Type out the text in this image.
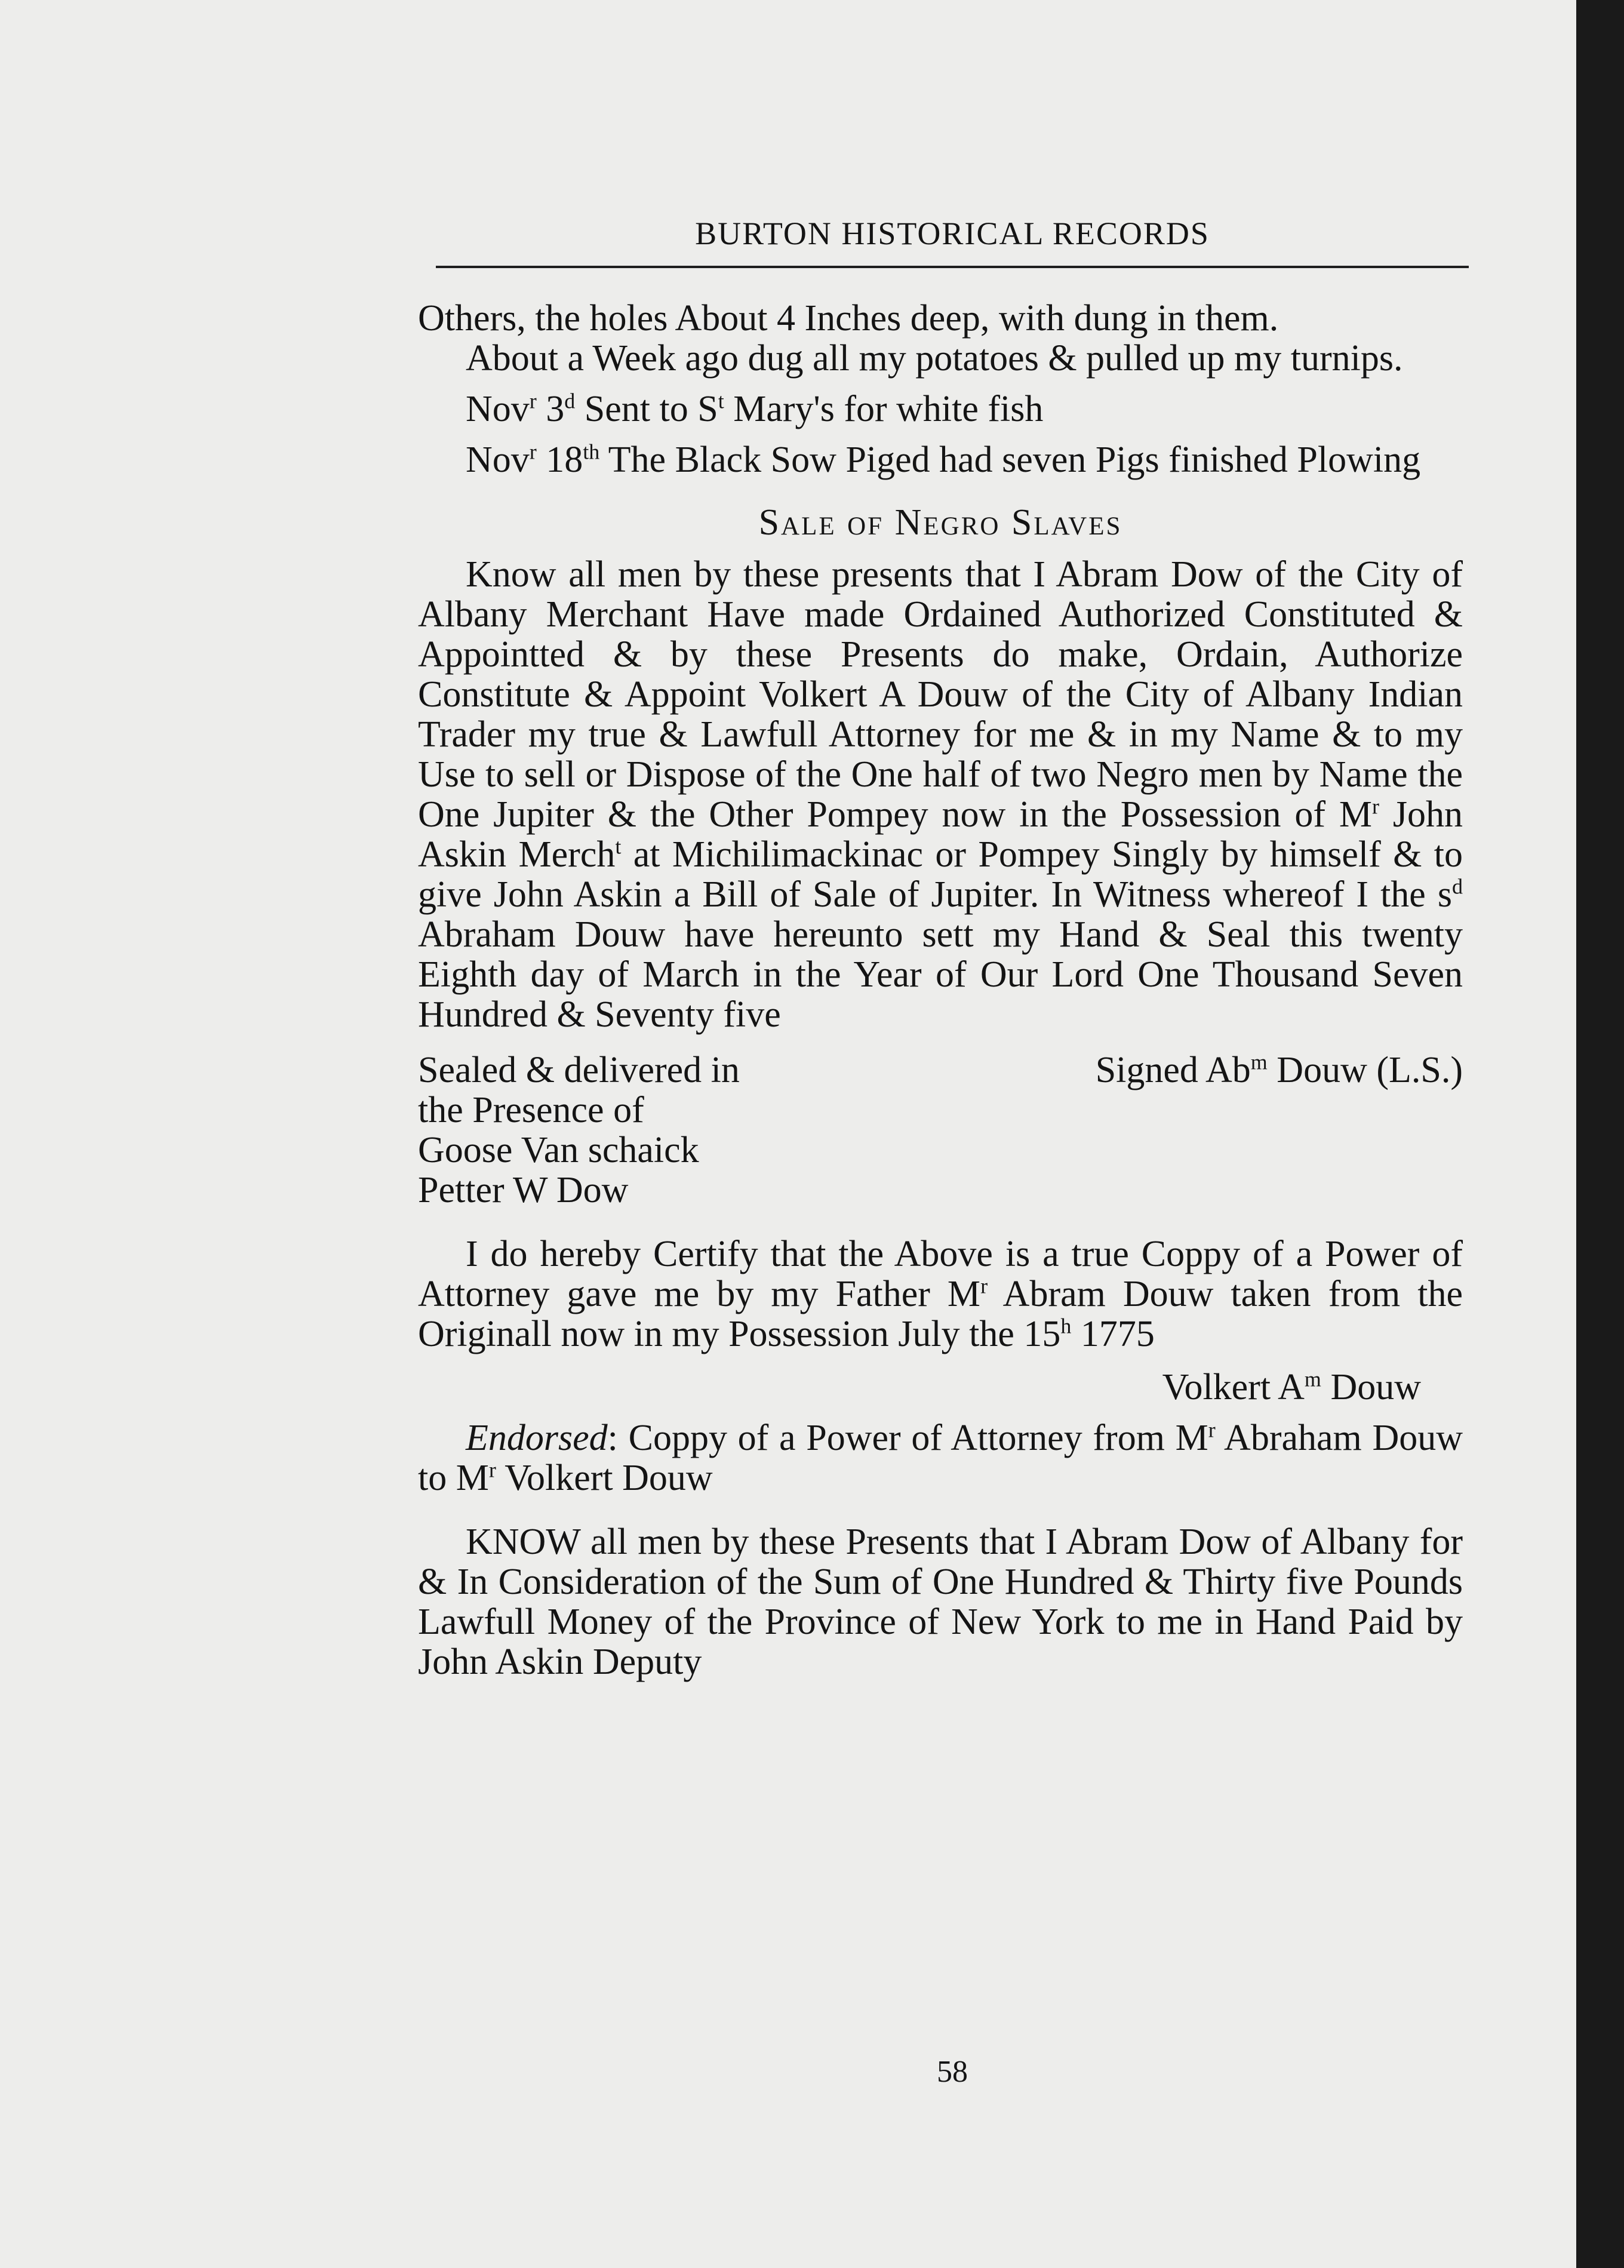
BURTON HISTORICAL RECORDS

Others, the holes About 4 Inches deep, with dung in them.

About a Week ago dug all my potatoes & pulled up my turnips.

Nov$^r$ 3$^d$ Sent to $S^t$ Mary's for white fish

Nov$^r$ 18th The Black Sow Piged had seven Pigs finished Plowing

Sale of Negro Slaves

Know all men by these presents that I Abram Dow of the City of Albany Merchant Have made Ordained Authorized Constituted & Appointted & by these Presents do make, Ordain, Authorize Constitute & Appoint Volkert A Douw of the City of Albany Indian Trader my true & Lawfull Attorney for me & in my Name & to my Use to sell or Dispose of the One half of two Negro men by Name the One Jupiter & the Other Pompey now in the Possession of $M^r$ John Askin Merch$^t$ at Michilimackinac or Pompey Singly by himself & to give John Askin a Bill of Sale of Jupiter. In Witness whereof I the $s^d$ Abraham Douw have hereunto sett my Hand & Seal this twenty Eighth day of March in the Year of Our Lord One Thousand Seven Hundred & Seventy five

Sealed & delivered in
the Presence of
Goose Van schaick
Petter W Dow
Signed Ab$^m$ Douw (L.S.)

I do hereby Certify that the Above is a true Coppy of a Power of Attorney gave me by my Father $M^r$ Abram Douw taken from the Originall now in my Possession July the 15$^h$ 1775

Volkert $A^m$ Douw

Endorsed: Coppy of a Power of Attorney from $M^r$ Abraham Douw to $M^r$ Volkert Douw

KNOW all men by these Presents that I Abram Dow of Albany for & In Consideration of the Sum of One Hundred & Thirty five Pounds Lawfull Money of the Province of New York to me in Hand Paid by John Askin Deputy

58
